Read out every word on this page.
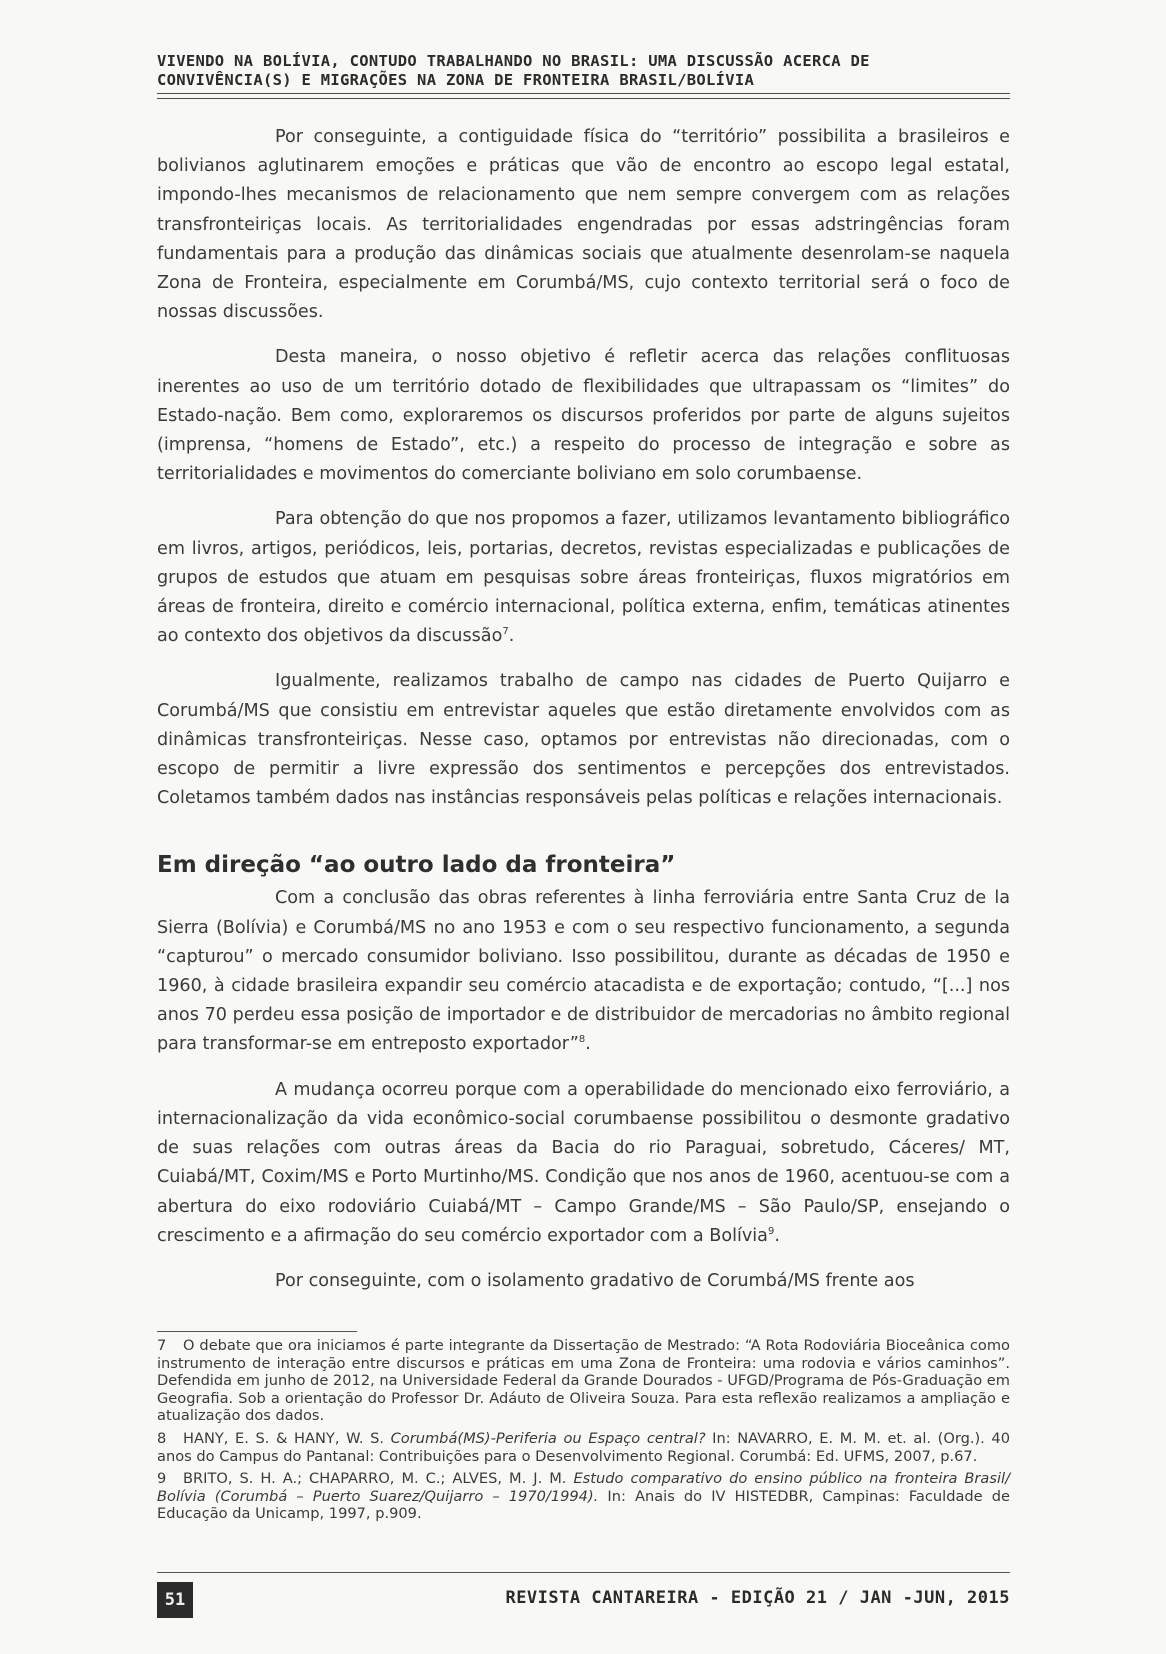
VIVENDO NA BOLÍVIA, CONTUDO TRABALHANDO NO BRASIL: UMA DISCUSSÃO ACERCA DE
CONVIVÊNCIA(S) E MIGRAÇÕES NA ZONA DE FRONTEIRA BRASIL/BOLÍVIA

Por conseguinte, a contiguidade física do “território” possibilita a brasileiros e bolivianos aglutinarem emoções e práticas que vão de encontro ao escopo legal estatal, impondo-lhes mecanismos de relacionamento que nem sempre convergem com as relações transfronteiriças locais. As territorialidades engendradas por essas adstringências foram fundamentais para a produção das dinâmicas sociais que atualmente desenrolam-se naquela Zona de Fronteira, especialmente em Corumbá/MS, cujo contexto territorial será o foco de nossas discussões.

Desta maneira, o nosso objetivo é refletir acerca das relações conflituosas inerentes ao uso de um território dotado de flexibilidades que ultrapassam os “limites” do Estado-nação. Bem como, exploraremos os discursos proferidos por parte de alguns sujeitos (imprensa, “homens de Estado”, etc.) a respeito do processo de integração e sobre as territorialidades e movimentos do comerciante boliviano em solo corumbaense.

Para obtenção do que nos propomos a fazer, utilizamos levantamento bibliográfico em livros, artigos, periódicos, leis, portarias, decretos, revistas especializadas e publicações de grupos de estudos que atuam em pesquisas sobre áreas fronteiriças, fluxos migratórios em áreas de fronteira, direito e comércio internacional, política externa, enfim, temáticas atinentes ao contexto dos objetivos da discussão$^7$.

Igualmente, realizamos trabalho de campo nas cidades de Puerto Quijarro e Corumbá/MS que consistiu em entrevistar aqueles que estão diretamente envolvidos com as dinâmicas transfronteiriças. Nesse caso, optamos por entrevistas não direcionadas, com o escopo de permitir a livre expressão dos sentimentos e percepções dos entrevistados. Coletamos também dados nas instâncias responsáveis pelas políticas e relações internacionais.

Em direção “ao outro lado da fronteira”

Com a conclusão das obras referentes à linha ferroviária entre Santa Cruz de la Sierra (Bolívia) e Corumbá/MS no ano 1953 e com o seu respectivo funcionamento, a segunda “capturou” o mercado consumidor boliviano. Isso possibilitou, durante as décadas de 1950 e 1960, à cidade brasileira expandir seu comércio atacadista e de exportação; contudo, “[...] nos anos 70 perdeu essa posição de importador e de distribuidor de mercadorias no âmbito regional para transformar-se em entreposto exportador”$^8$.

A mudança ocorreu porque com a operabilidade do mencionado eixo ferroviário, a internacionalização da vida econômico-social corumbaense possibilitou o desmonte gradativo de suas relações com outras áreas da Bacia do rio Paraguai, sobretudo, Cáceres/ MT, Cuiabá/MT, Coxim/MS e Porto Murtinho/MS. Condição que nos anos de 1960, acentuou-se com a abertura do eixo rodoviário Cuiabá/MT – Campo Grande/MS – São Paulo/SP, ensejando o crescimento e a afirmação do seu comércio exportador com a Bolívia$^9$.

Por conseguinte, com o isolamento gradativo de Corumbá/MS frente aos

7 O debate que ora iniciamos é parte integrante da Dissertação de Mestrado: “A Rota Rodoviária Bioceânica como instrumento de interação entre discursos e práticas em uma Zona de Fronteira: uma rodovia e vários caminhos”. Defendida em junho de 2012, na Universidade Federal da Grande Dourados - UFGD/Programa de Pós-Graduação em Geografia. Sob a orientação do Professor Dr. Adáuto de Oliveira Souza. Para esta reflexão realizamos a ampliação e atualização dos dados.
8 HANY, E. S. & HANY, W. S. Corumbá(MS)-Periferia ou Espaço central? In: NAVARRO, E. M. M. et. al. (Org.). 40 anos do Campus do Pantanal: Contribuições para o Desenvolvimento Regional. Corumbá: Ed. UFMS, 2007, p.67.
9 BRITO, S. H. A.; CHAPARRO, M. C.; ALVES, M. J. M. Estudo comparativo do ensino público na fronteira Brasil/ Bolívia (Corumbá – Puerto Suarez/Quijarro – 1970/1994). In: Anais do IV HISTEDBR, Campinas: Faculdade de Educação da Unicamp, 1997, p.909.
51	REVISTA CANTAREIRA - EDIÇÃO 21 / JAN -JUN, 2015
